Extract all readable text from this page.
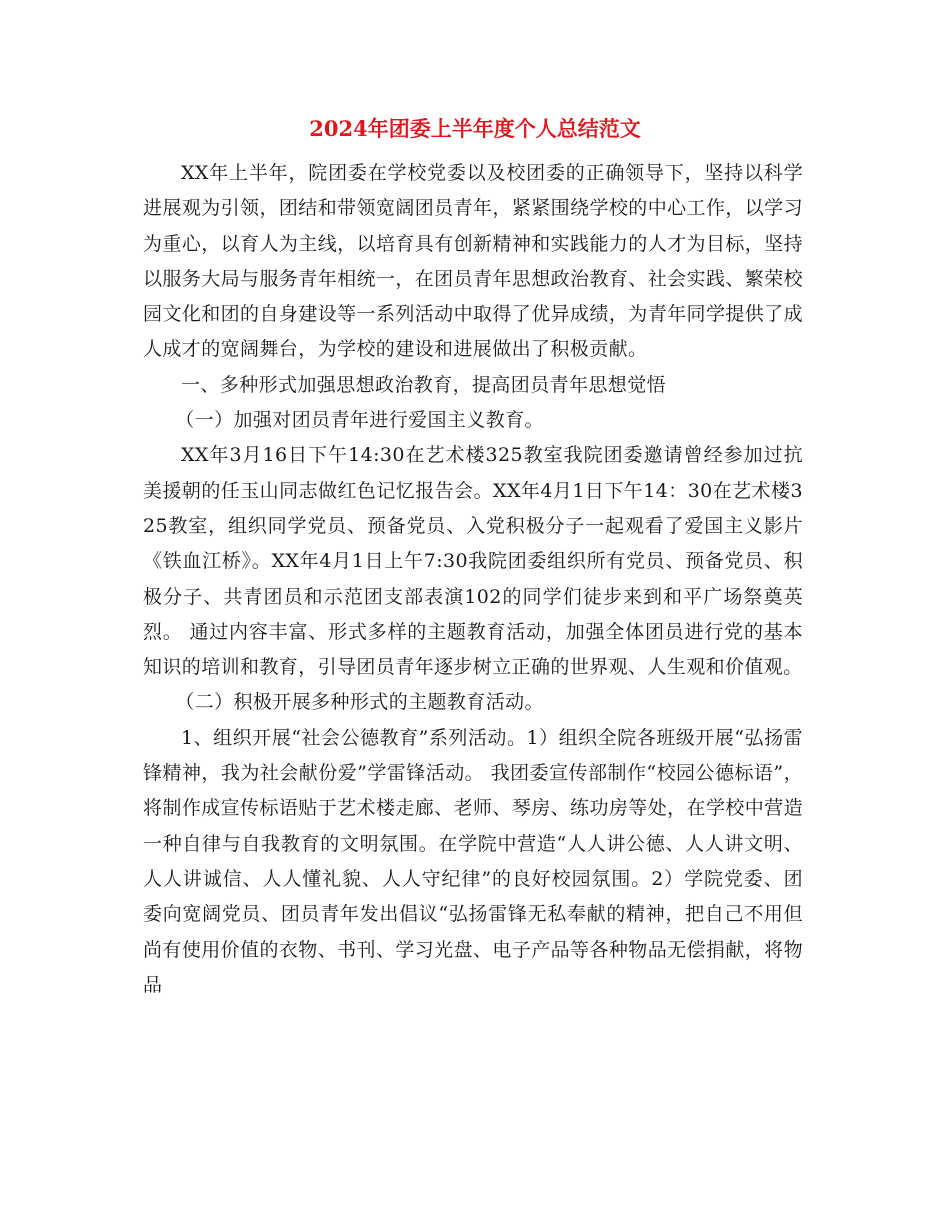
2024年团委上半年度个人总结范文

XX年上半年，院团委在学校党委以及校团委的正确领导下，坚持以科学进展观为引领，团结和带领宽阔团员青年，紧紧围绕学校的中心工作，以学习为重心，以育人为主线，以培育具有创新精神和实践能力的人才为目标，坚持以服务大局与服务青年相统一，在团员青年思想政治教育、社会实践、繁荣校园文化和团的自身建设等一系列活动中取得了优异成绩，为青年同学提供了成人成才的宽阔舞台，为学校的建设和进展做出了积极贡献。

一、多种形式加强思想政治教育，提高团员青年思想觉悟

（一）加强对团员青年进行爱国主义教育。

XX年3月16日下午14:30在艺术楼325教室我院团委邀请曾经参加过抗美援朝的任玉山同志做红色记忆报告会。XX年4月1日下午14：30在艺术楼325教室，组织同学党员、预备党员、入党积极分子一起观看了爱国主义影片《铁血江桥》。XX年4月1日上午7:30我院团委组织所有党员、预备党员、积极分子、共青团员和示范团支部表演102的同学们徒步来到和平广场祭奠英烈。 通过内容丰富、形式多样的主题教育活动，加强全体团员进行党的基本知识的培训和教育，引导团员青年逐步树立正确的世界观、人生观和价值观。

（二）积极开展多种形式的主题教育活动。

1、组织开展“社会公德教育”系列活动。1）组织全院各班级开展“弘扬雷锋精神，我为社会献份爱”学雷锋活动。 我团委宣传部制作“校园公德标语”，将制作成宣传标语贴于艺术楼走廊、老师、琴房、练功房等处，在学校中营造一种自律与自我教育的文明氛围。在学院中营造“人人讲公德、人人讲文明、人人讲诚信、人人懂礼貌、人人守纪律”的良好校园氛围。2）学院党委、团委向宽阔党员、团员青年发出倡议“弘扬雷锋无私奉献的精神，把自己不用但尚有使用价值的衣物、书刊、学习光盘、电子产品等各种物品无偿捐献，将物品
